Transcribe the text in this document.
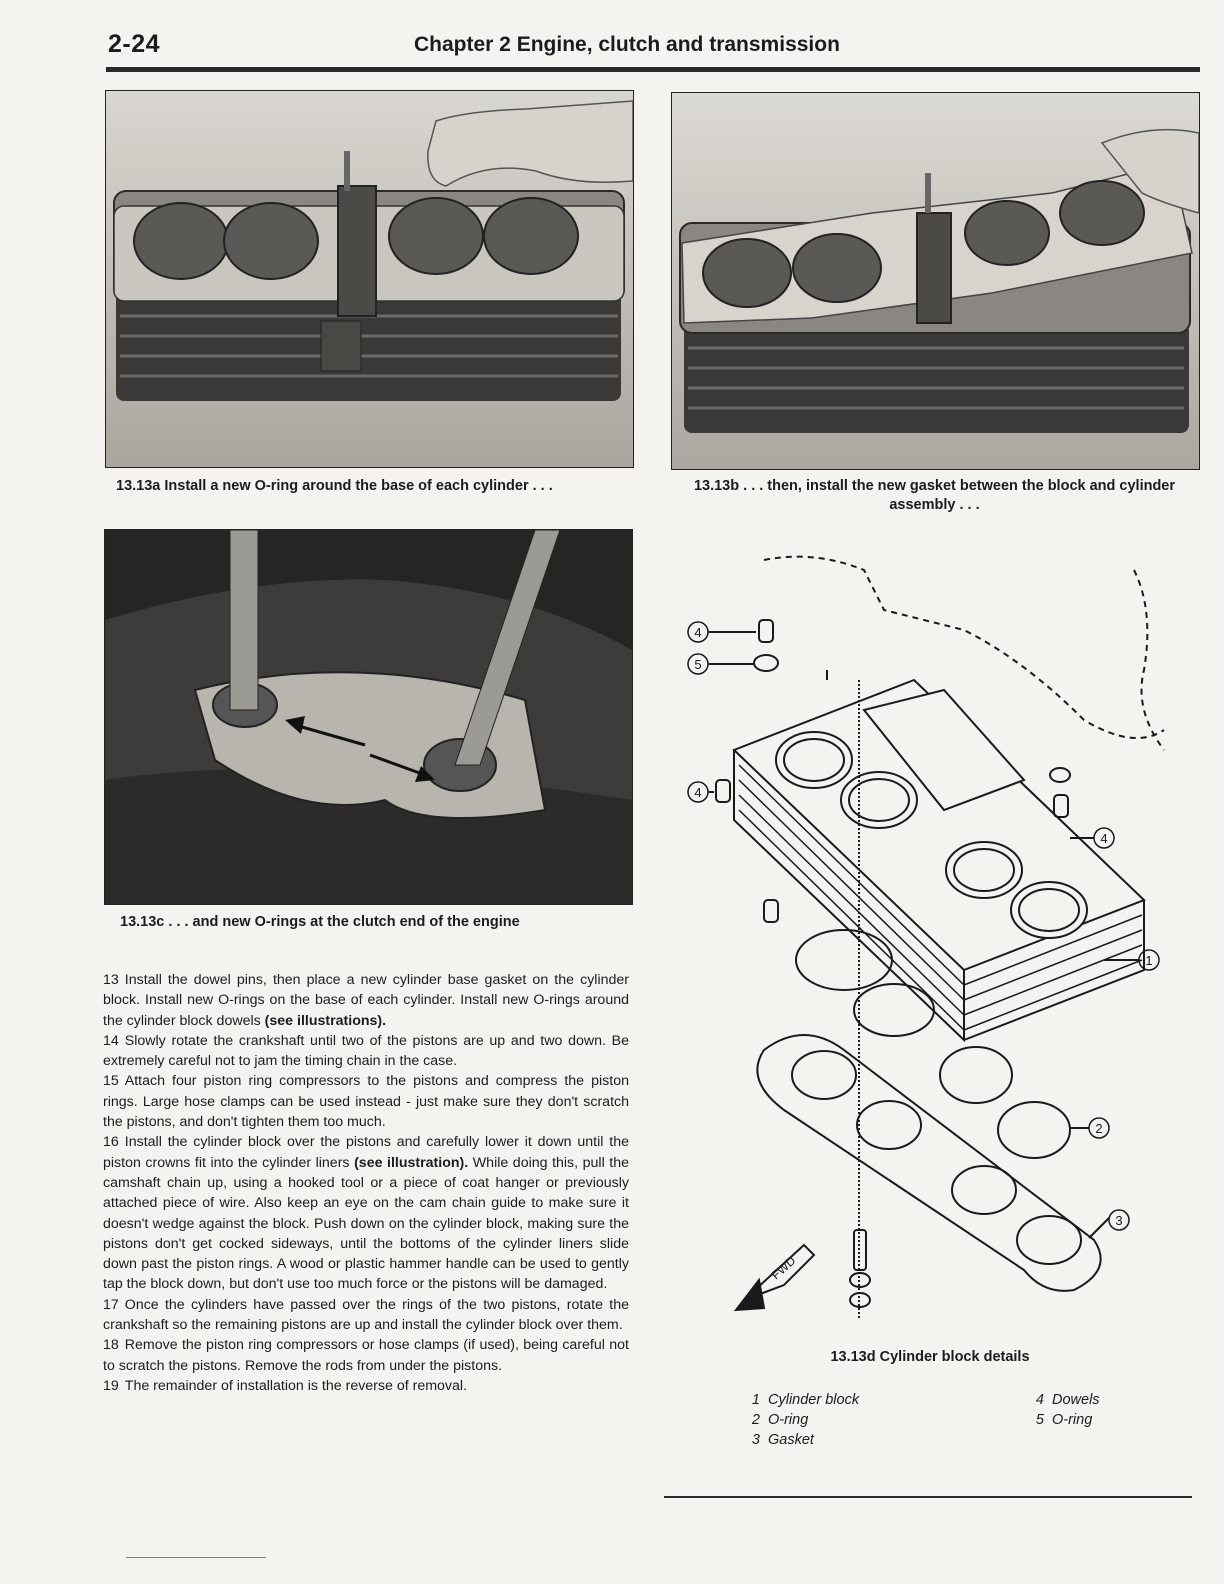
2-24	Chapter 2 Engine, clutch and transmission
13.13a Install a new O-ring around the base of each cylinder . . .	13.13b . . . then, install the new gasket between the block and cylinder assembly . . .
13.13c . . . and new O-rings at the clutch end of the engine

13 Install the dowel pins, then place a new cylinder base gasket on the cylinder block. Install new O-rings on the base of each cylinder. Install new O-rings around the cylinder block dowels (see illustrations).

14 Slowly rotate the crankshaft until two of the pistons are up and two down. Be extremely careful not to jam the timing chain in the case.

15 Attach four piston ring compressors to the pistons and compress the piston rings. Large hose clamps can be used instead - just make sure they don't scratch the pistons, and don't tighten them too much.

16 Install the cylinder block over the pistons and carefully lower it down until the piston crowns fit into the cylinder liners (see illustration). While doing this, pull the camshaft chain up, using a hooked tool or a piece of coat hanger or previously attached piece of wire. Also keep an eye on the cam chain guide to make sure it doesn't wedge against the block. Push down on the cylinder block, making sure the pistons don't get cocked sideways, until the bottoms of the cylinder liners slide down past the piston rings. A wood or plastic hammer handle can be used to gently tap the block down, but don't use too much force or the pistons will be damaged.

17 Once the cylinders have passed over the rings of the two pistons, rotate the crankshaft so the remaining pistons are up and install the cylinder block over them.

18 Remove the piston ring compressors or hose clamps (if used), being careful not to scratch the pistons. Remove the rods from under the pistons.

19 The remainder of installation is the reverse of removal.

FWD
4
5
4
4
1
2
3
13.13d Cylinder block details
1 Cylinder block
2 O-ring
3 Gasket
4 Dowels
5 O-ring
